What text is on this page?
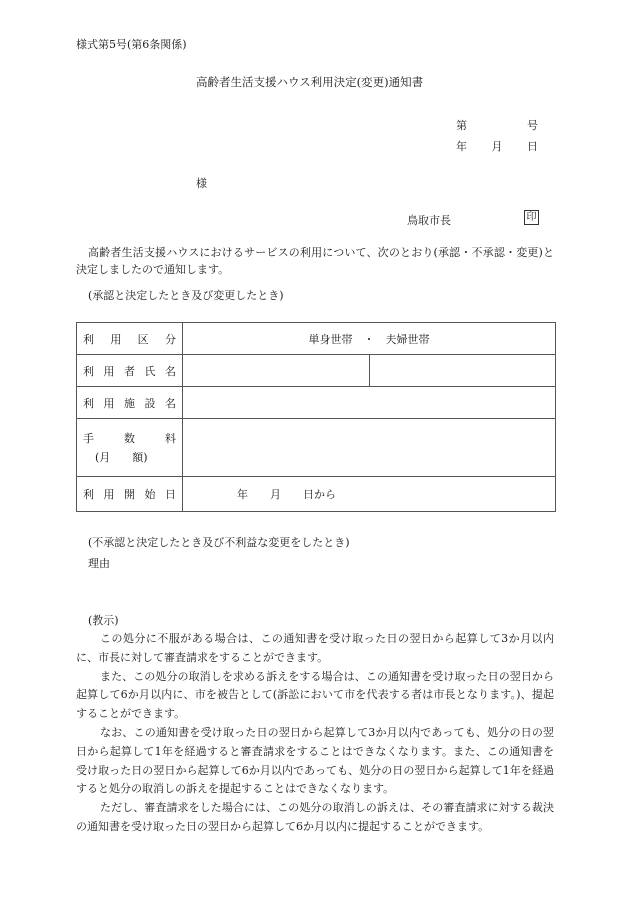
様式第5号(第6条関係)
高齢者生活支援ハウス利用決定(変更)通知書
第	号
年 月 日
様
鳥取市長	印
高齢者生活支援ハウスにおけるサービスの利用について、次のとおり(承認・不承認・変更)と決定しましたので通知します。
(承認と決定したとき及び変更したとき)
利 用 区 分	単身世帯　・　夫婦世帯	

利 用 者 氏 名		

利 用 施 設 名		

手 数 料
(月　　額)		

利 用 開 始 日	年　　月　　日から	
(不承認と決定したとき及び不利益な変更をしたとき)
理由
(教示)

この処分に不服がある場合は、この通知書を受け取った日の翌日から起算して3か月以内に、市長に対して審査請求をすることができます。

また、この処分の取消しを求める訴えをする場合は、この通知書を受け取った日の翌日から起算して6か月以内に、市を被告として(訴訟において市を代表する者は市長となります。)、提起することができます。

なお、この通知書を受け取った日の翌日から起算して3か月以内であっても、処分の日の翌日から起算して1年を経過すると審査請求をすることはできなくなります。また、この通知書を受け取った日の翌日から起算して6か月以内であっても、処分の日の翌日から起算して1年を経過すると処分の取消しの訴えを提起することはできなくなります。

ただし、審査請求をした場合には、この処分の取消しの訴えは、その審査請求に対する裁決の通知書を受け取った日の翌日から起算して6か月以内に提起することができます。
